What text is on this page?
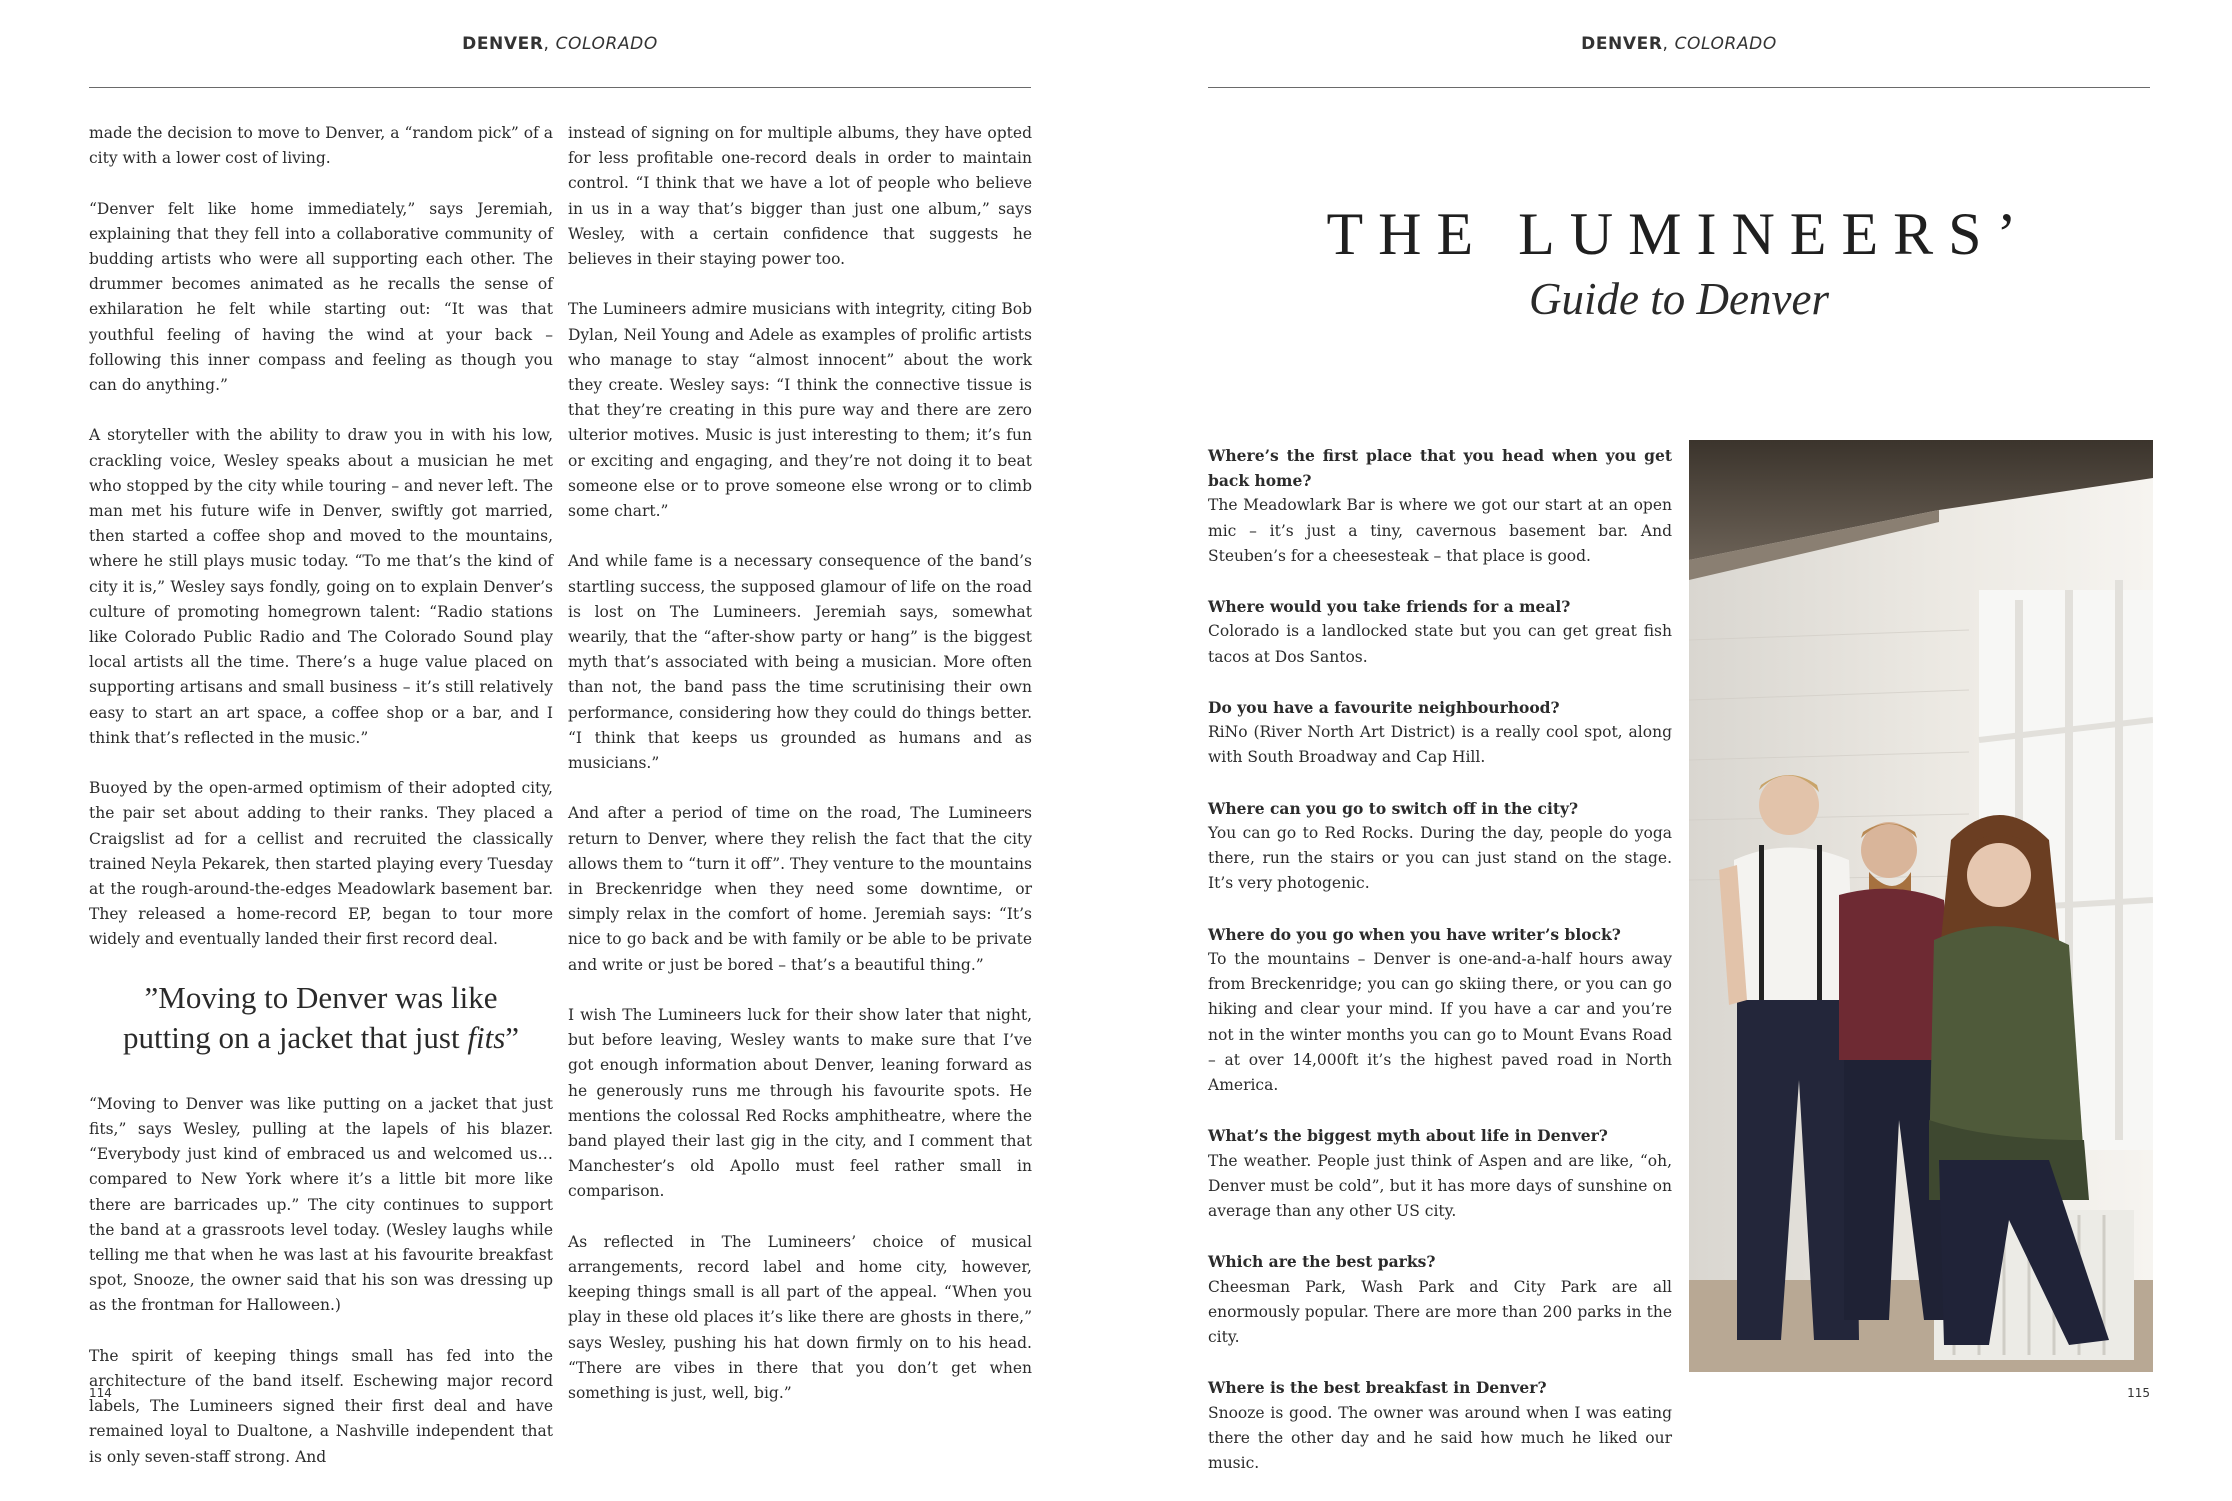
DENVER, COLORADO

made the decision to move to Denver, a “random pick” of a city with a lower cost of living.

“Denver felt like home immediately,” says Jeremiah, explaining that they fell into a collaborative community of budding artists who were all supporting each other. The drummer becomes animated as he recalls the sense of exhilaration he felt while starting out: “It was that youthful feeling of having the wind at your back – following this inner compass and feeling as though you can do anything.”

A storyteller with the ability to draw you in with his low, crackling voice, Wesley speaks about a musician he met who stopped by the city while touring – and never left. The man met his future wife in Denver, swiftly got married, then started a coffee shop and moved to the mountains, where he still plays music today. “To me that’s the kind of city it is,” Wesley says fondly, going on to explain Denver’s culture of promoting homegrown talent: “Radio stations like Colorado Public Radio and The Colorado Sound play local artists all the time. There’s a huge value placed on supporting artisans and small business – it’s still relatively easy to start an art space, a coffee shop or a bar, and I think that’s reflected in the music.”

Buoyed by the open-armed optimism of their adopted city, the pair set about adding to their ranks. They placed a Craigslist ad for a cellist and recruited the classically trained Neyla Pekarek, then started playing every Tuesday at the rough-around-the-edges Meadowlark basement bar. They released a home-record EP, began to tour more widely and eventually landed their first record deal.

”Moving to Denver was like putting on a jacket that just fits”

“Moving to Denver was like putting on a jacket that just fits,” says Wesley, pulling at the lapels of his blazer. “Everybody just kind of embraced us and welcomed us… compared to New York where it’s a little bit more like there are barricades up.” The city continues to support the band at a grassroots level today. (Wesley laughs while telling me that when he was last at his favourite breakfast spot, Snooze, the owner said that his son was dressing up as the frontman for Halloween.)

The spirit of keeping things small has fed into the architecture of the band itself. Eschewing major record labels, The Lumineers signed their first deal and have remained loyal to Dualtone, a Nashville independent that is only seven-staff strong. And

instead of signing on for multiple albums, they have opted for less profitable one-record deals in order to maintain control. “I think that we have a lot of people who believe in us in a way that’s bigger than just one album,” says Wesley, with a certain confidence that suggests he believes in their staying power too.

The Lumineers admire musicians with integrity, citing Bob Dylan, Neil Young and Adele as examples of prolific artists who manage to stay “almost innocent” about the work they create. Wesley says: “I think the connective tissue is that they’re creating in this pure way and there are zero ulterior motives. Music is just interesting to them; it’s fun or exciting and engaging, and they’re not doing it to beat someone else or to prove someone else wrong or to climb some chart.”

And while fame is a necessary consequence of the band’s startling success, the supposed glamour of life on the road is lost on The Lumineers. Jeremiah says, somewhat wearily, that the “after-show party or hang” is the biggest myth that’s associated with being a musician. More often than not, the band pass the time scrutinising their own performance, considering how they could do things better. “I think that keeps us grounded as humans and as musicians.”

And after a period of time on the road, The Lumineers return to Denver, where they relish the fact that the city allows them to “turn it off”. They venture to the mountains in Breckenridge when they need some downtime, or simply relax in the comfort of home. Jeremiah says: “It’s nice to go back and be with family or be able to be private and write or just be bored – that’s a beautiful thing.”

I wish The Lumineers luck for their show later that night, but before leaving, Wesley wants to make sure that I’ve got enough information about Denver, leaning forward as he generously runs me through his favourite spots. He mentions the colossal Red Rocks amphitheatre, where the band played their last gig in the city, and I comment that Manchester’s old Apollo must feel rather small in comparison.

As reflected in The Lumineers’ choice of musical arrangements, record label and home city, however, keeping things small is all part of the appeal. “When you play in these old places it’s like there are ghosts in there,” says Wesley, pushing his hat down firmly on to his head. “There are vibes in there that you don’t get when something is just, well, big.”

114
DENVER, COLORADO
THE LUMINEERS’
Guide to Denver
Where’s the first place that you head when you get back home?
The Meadowlark Bar is where we got our start at an open mic – it’s just a tiny, cavernous basement bar. And Steuben’s for a cheesesteak – that place is good.
Where would you take friends for a meal?
Colorado is a landlocked state but you can get great fish tacos at Dos Santos.
Do you have a favourite neighbourhood?
RiNo (River North Art District) is a really cool spot, along with South Broadway and Cap Hill.
Where can you go to switch off in the city?
You can go to Red Rocks. During the day, people do yoga there, run the stairs or you can just stand on the stage. It’s very photogenic.
Where do you go when you have writer’s block?
To the mountains – Denver is one-and-a-half hours away from Breckenridge; you can go skiing there, or you can go hiking and clear your mind. If you have a car and you’re not in the winter months you can go to Mount Evans Road – at over 14,000ft it’s the highest paved road in North America.
What’s the biggest myth about life in Denver?
The weather. People just think of Aspen and are like, “oh, Denver must be cold”, but it has more days of sunshine on average than any other US city.
Which are the best parks?
Cheesman Park, Wash Park and City Park are all enormously popular. There are more than 200 parks in the city.
Where is the best breakfast in Denver?
Snooze is good. The owner was around when I was eating there the other day and he said how much he liked our music.
115
